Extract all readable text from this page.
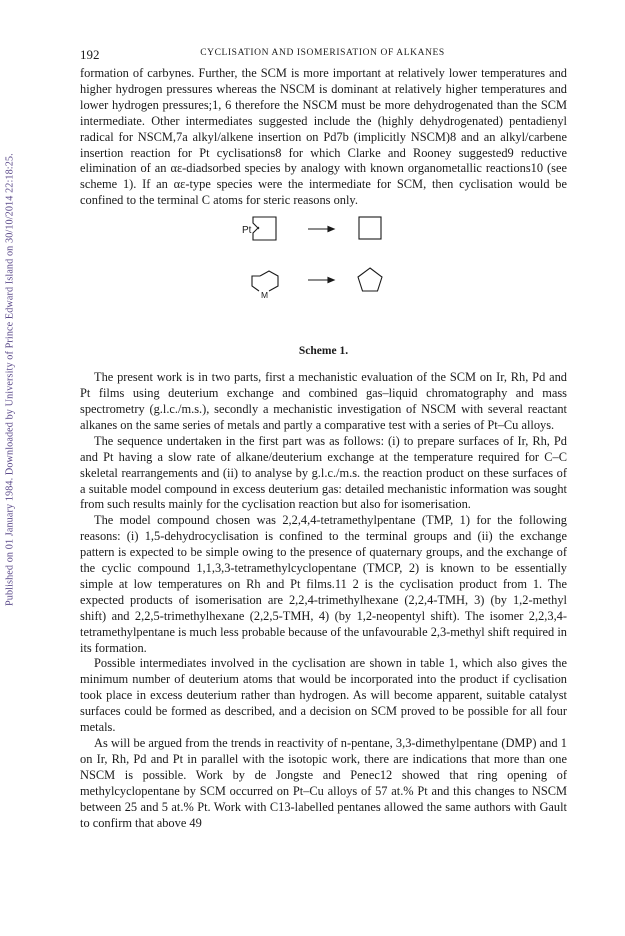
Published on 01 January 1984. Downloaded by University of Prince Edward Island on 30/10/2014 22:18:25.
192	CYCLISATION AND ISOMERISATION OF ALKANES

formation of carbynes. Further, the SCM is more important at relatively lower temperatures and higher hydrogen pressures whereas the NSCM is dominant at relatively higher temperatures and lower hydrogen pressures;1, 6 therefore the NSCM must be more dehydrogenated than the SCM intermediate. Other intermediates suggested include the (highly dehydrogenated) pentadienyl radical for NSCM,7a alkyl/alkene insertion on Pd7b (implicitly NSCM)8 and an alkyl/carbene insertion reaction for Pt cyclisations8 for which Clarke and Rooney suggested9 reductive elimination of an αε-diadsorbed species by analogy with known organometallic reactions10 (see scheme 1). If an αε-type species were the intermediate for SCM, then cyclisation would be confined to the terminal C atoms for steric reasons only.

Pt
M
Scheme 1.

The present work is in two parts, first a mechanistic evaluation of the SCM on Ir, Rh, Pd and Pt films using deuterium exchange and combined gas–liquid chromatography and mass spectrometry (g.l.c./m.s.), secondly a mechanistic investigation of NSCM with several reactant alkanes on the same series of metals and partly a comparative test with a series of Pt–Cu alloys.

The sequence undertaken in the first part was as follows: (i) to prepare surfaces of Ir, Rh, Pd and Pt having a slow rate of alkane/deuterium exchange at the temperature required for C–C skeletal rearrangements and (ii) to analyse by g.l.c./m.s. the reaction product on these surfaces of a suitable model compound in excess deuterium gas: detailed mechanistic information was sought from such results mainly for the cyclisation reaction but also for isomerisation.

The model compound chosen was 2,2,4,4-tetramethylpentane (TMP, 1) for the following reasons: (i) 1,5-dehydrocyclisation is confined to the terminal groups and (ii) the exchange pattern is expected to be simple owing to the presence of quaternary groups, and the exchange of the cyclic compound 1,1,3,3-tetramethylcyclopentane (TMCP, 2) is known to be essentially simple at low temperatures on Rh and Pt films.11 2 is the cyclisation product from 1. The expected products of isomerisation are 2,2,4-trimethylhexane (2,2,4-TMH, 3) (by 1,2-methyl shift) and 2,2,5-trimethylhexane (2,2,5-TMH, 4) (by 1,2-neopentyl shift). The isomer 2,2,3,4-tetramethylpentane is much less probable because of the unfavourable 2,3-methyl shift required in its formation.

Possible intermediates involved in the cyclisation are shown in table 1, which also gives the minimum number of deuterium atoms that would be incorporated into the product if cyclisation took place in excess deuterium rather than hydrogen. As will become apparent, suitable catalyst surfaces could be formed as described, and a decision on SCM proved to be possible for all four metals.

As will be argued from the trends in reactivity of n-pentane, 3,3-dimethylpentane (DMP) and 1 on Ir, Rh, Pd and Pt in parallel with the isotopic work, there are indications that more than one NSCM is possible. Work by de Jongste and Penec12 showed that ring opening of methylcyclopentane by SCM occurred on Pt–Cu alloys of 57 at.% Pt and this changes to NSCM between 25 and 5 at.% Pt. Work with C13-labelled pentanes allowed the same authors with Gault to confirm that above 49
